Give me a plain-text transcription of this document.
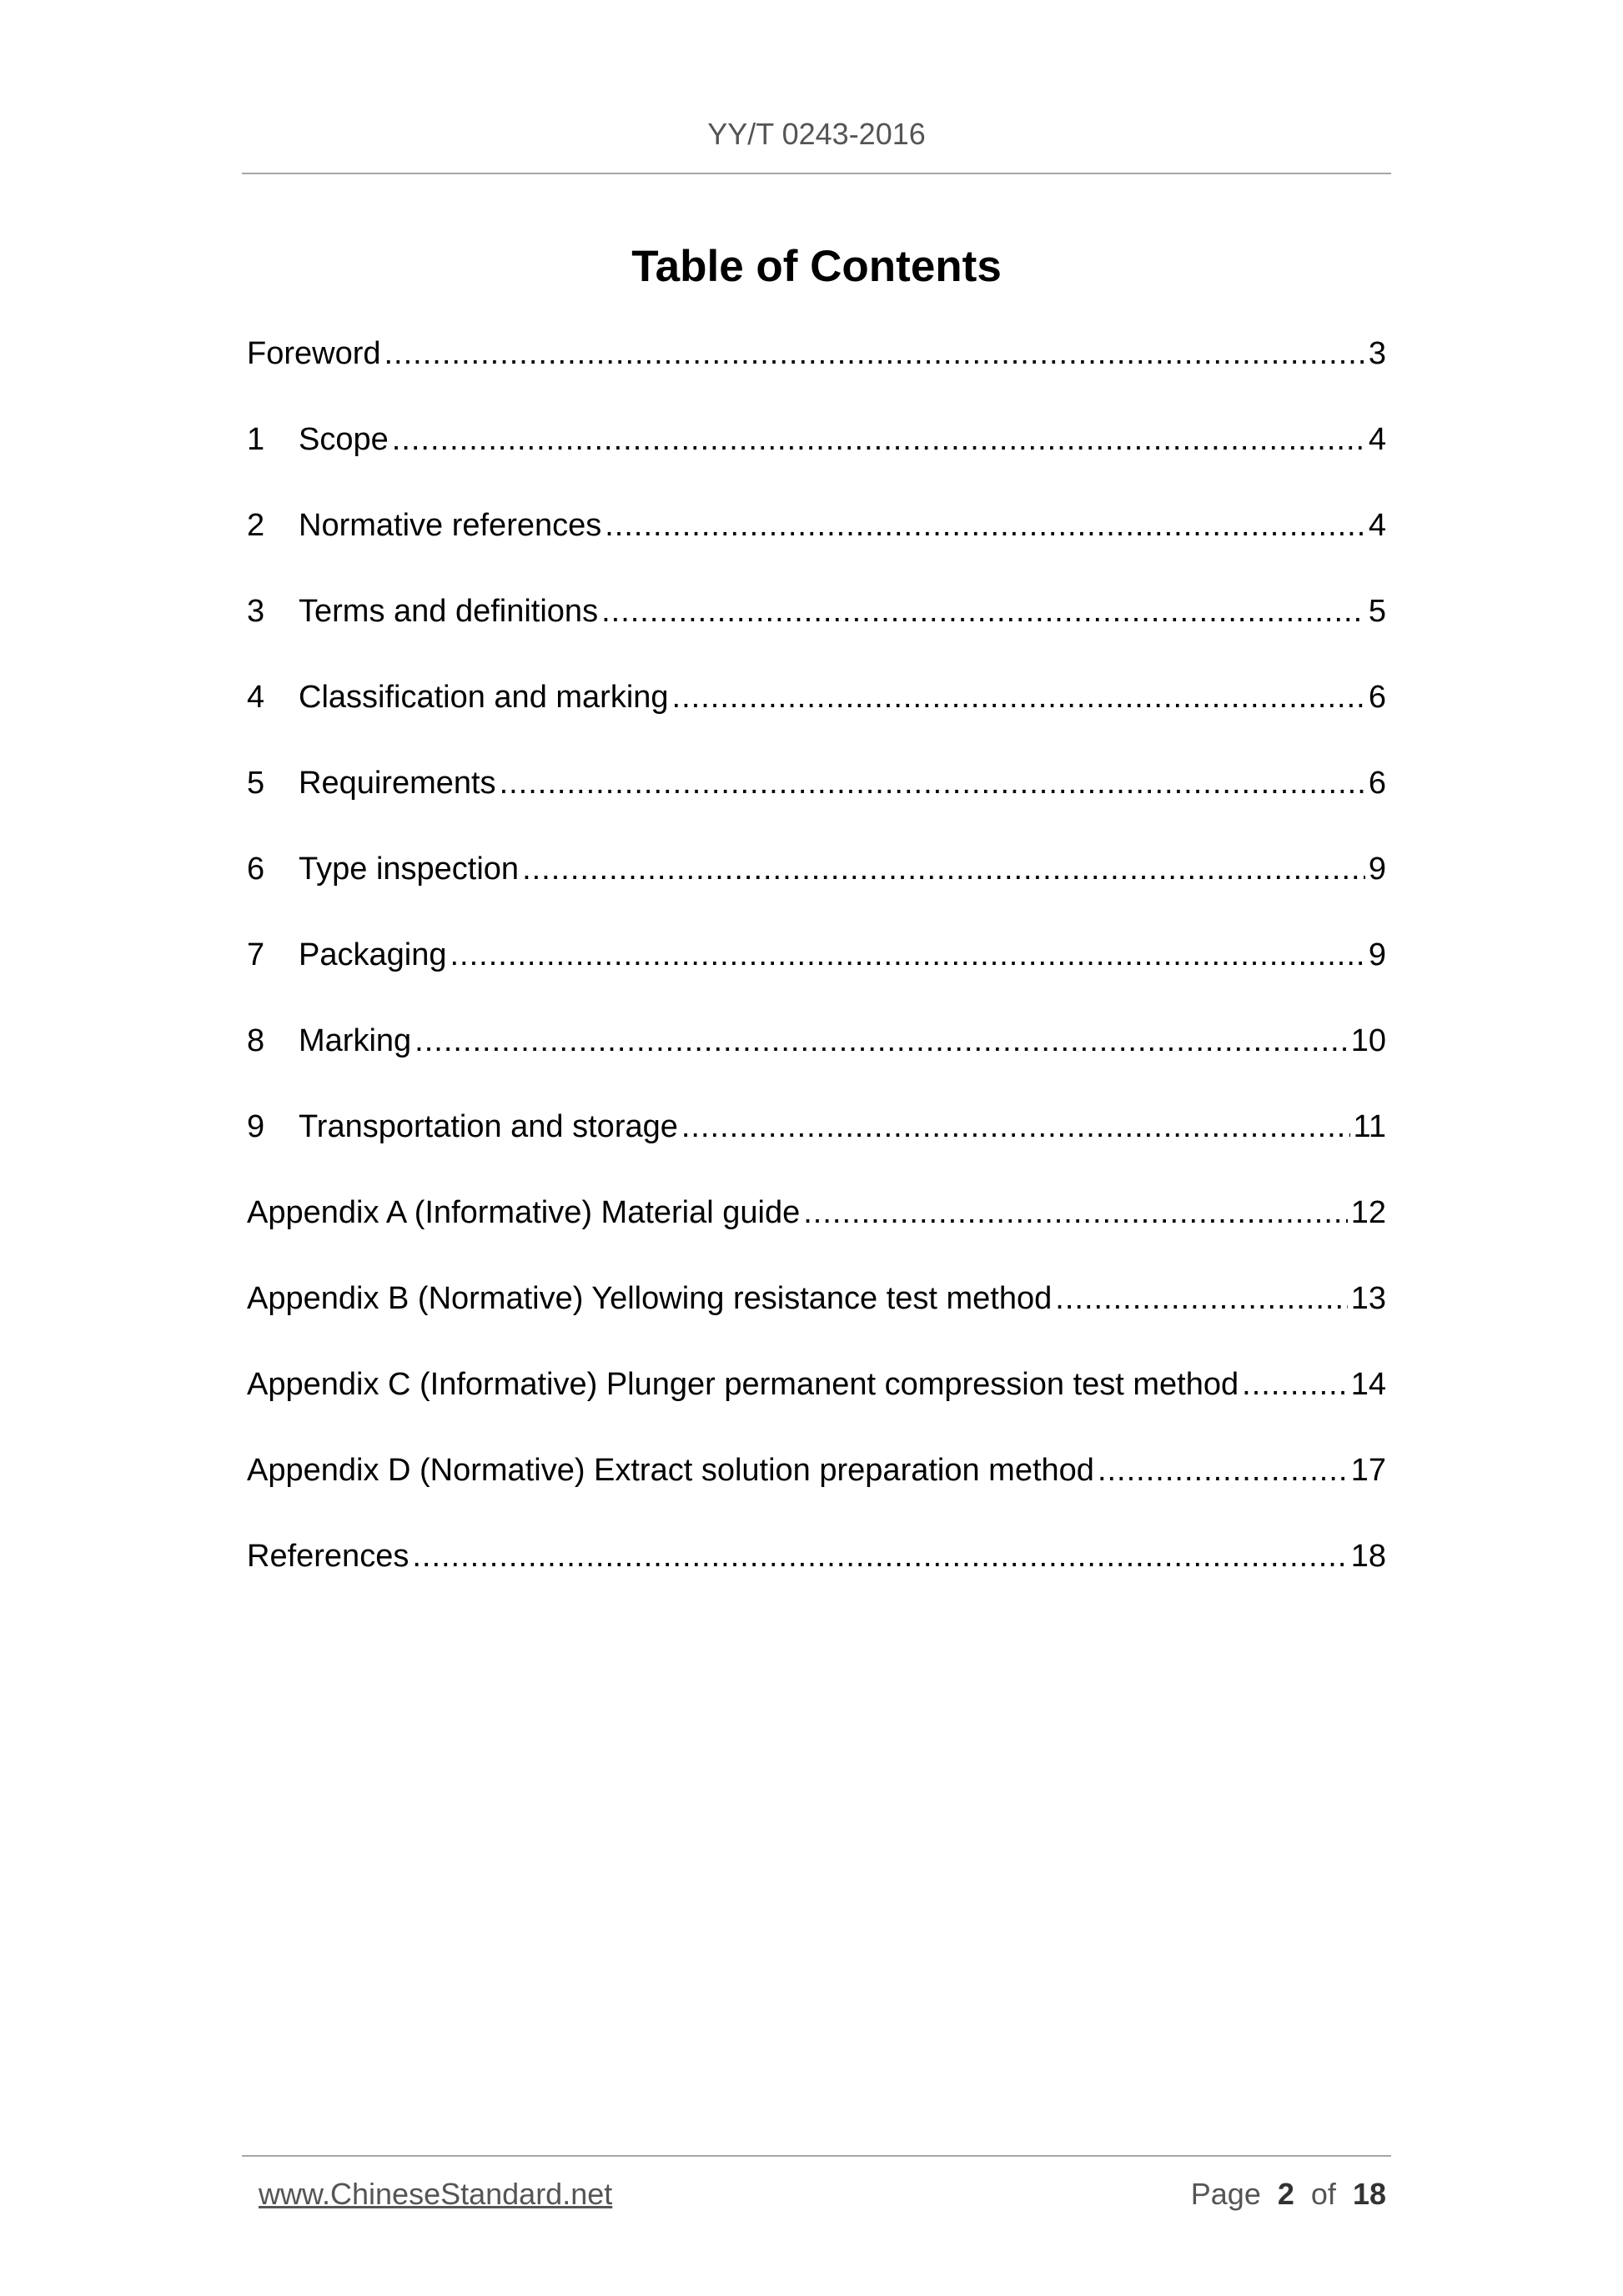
YY/T 0243-2016
Table of Contents
Foreword .....	3
1	Scope .....	4
2	Normative references .....	4
3	Terms and definitions .....	5
4	Classification and marking .....	6
5	Requirements .....	6
6	Type inspection .....	9
7	Packaging .....	9
8	Marking .....	10
9	Transportation and storage .....	11
Appendix A (Informative) Material guide .....	12
Appendix B (Normative) Yellowing resistance test method .....	13
Appendix C (Informative) Plunger permanent compression test method .....	14
Appendix D (Normative) Extract solution preparation method .....	17
References .....	18
www.ChineseStandard.net	Page 2 of 18
